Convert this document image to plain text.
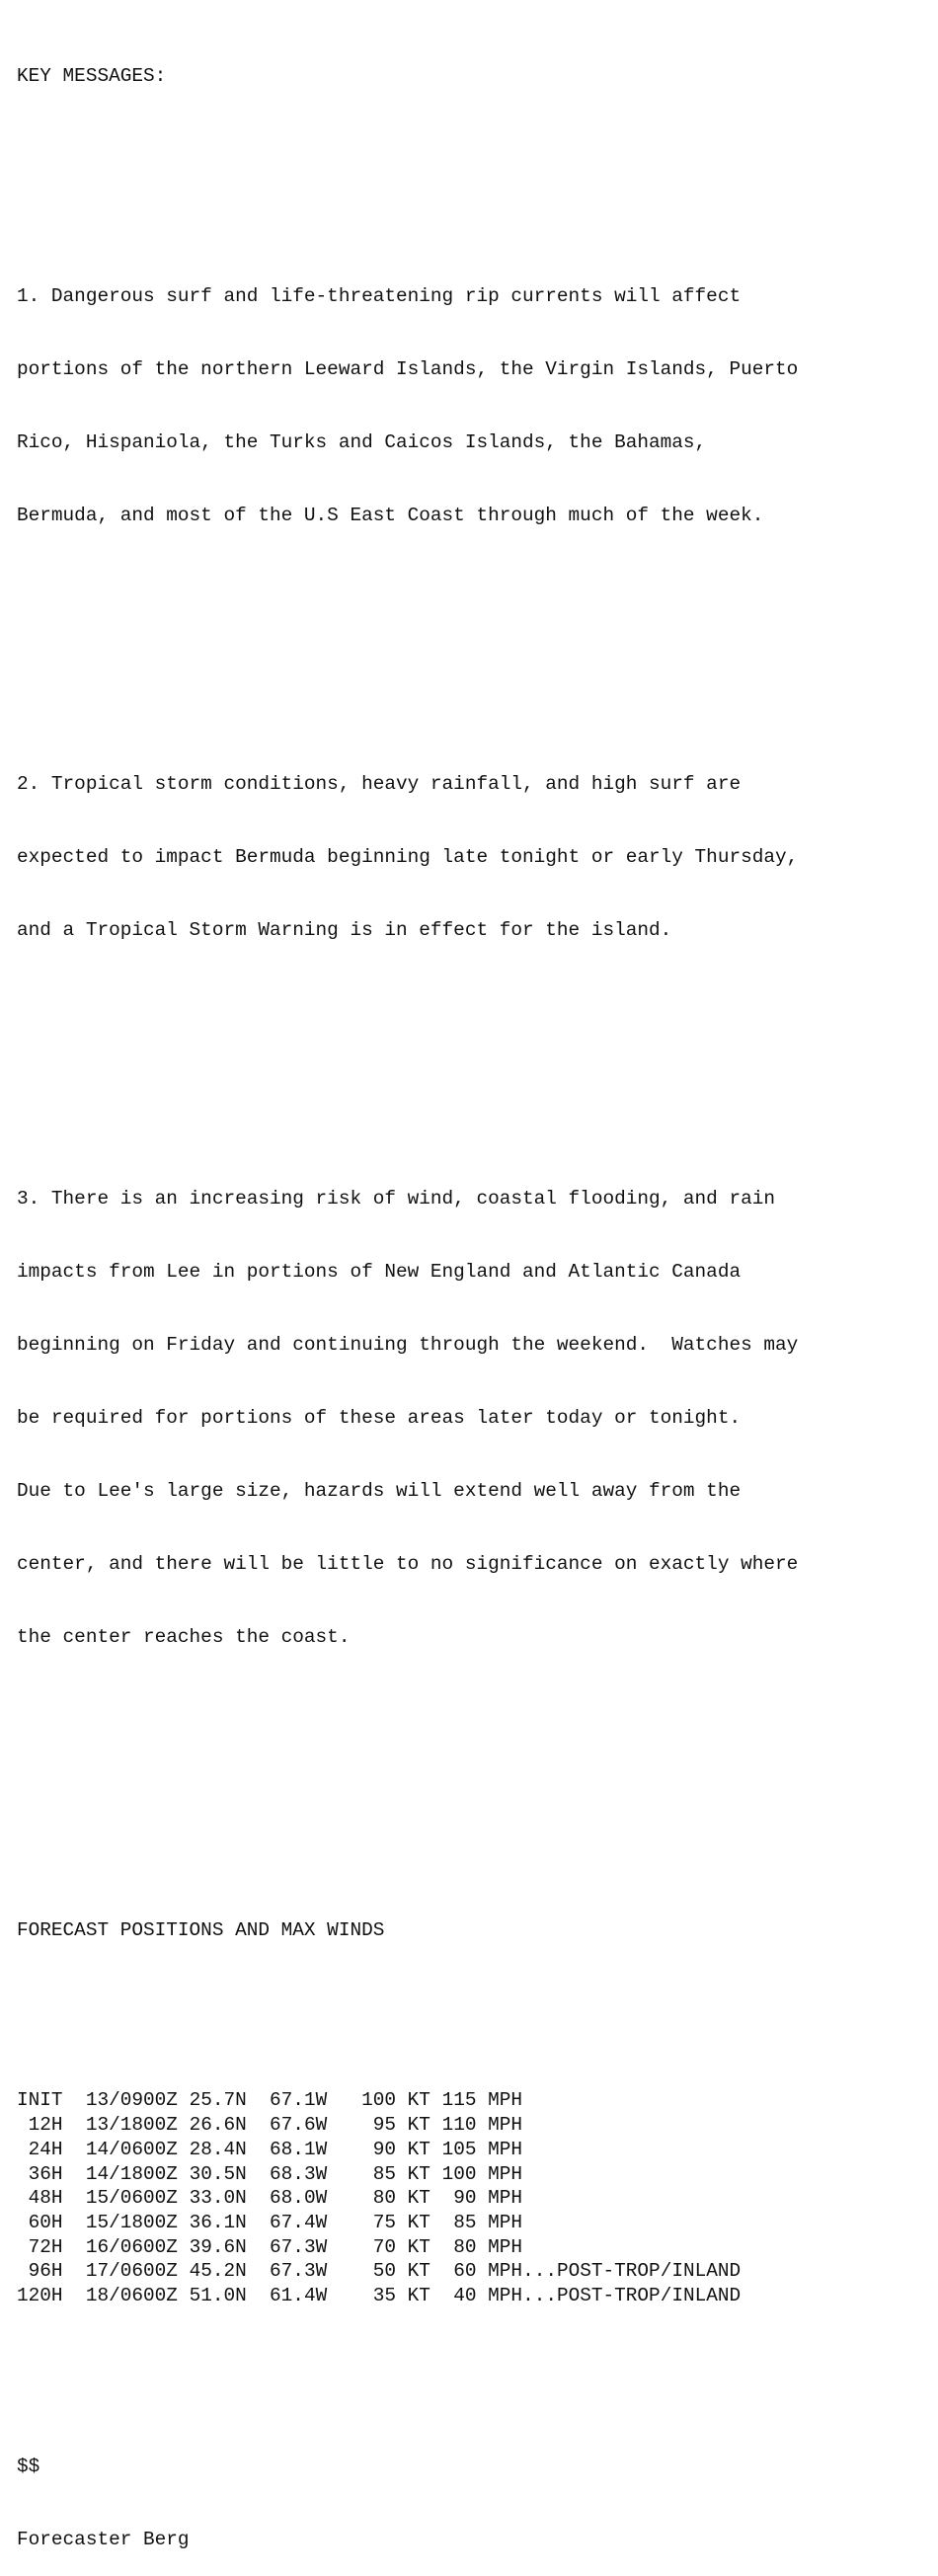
KEY MESSAGES:

1. Dangerous surf and life-threatening rip currents will affect

portions of the northern Leeward Islands, the Virgin Islands, Puerto

Rico, Hispaniola, the Turks and Caicos Islands, the Bahamas,

Bermuda, and most of the U.S East Coast through much of the week.

2. Tropical storm conditions, heavy rainfall, and high surf are

expected to impact Bermuda beginning late tonight or early Thursday,

and a Tropical Storm Warning is in effect for the island.

3. There is an increasing risk of wind, coastal flooding, and rain

impacts from Lee in portions of New England and Atlantic Canada

beginning on Friday and continuing through the weekend.  Watches may

be required for portions of these areas later today or tonight.

Due to Lee's large size, hazards will extend well away from the

center, and there will be little to no significance on exactly where

the center reaches the coast.

FORECAST POSITIONS AND MAX WINDS

INIT	13/0900Z	25.7N	67.1W	100 KT	115 MPH	
12H	13/1800Z	26.6N	67.6W	95 KT	110 MPH	
24H	14/0600Z	28.4N	68.1W	90 KT	105 MPH	
36H	14/1800Z	30.5N	68.3W	85 KT	100 MPH	
48H	15/0600Z	33.0N	68.0W	80 KT	90 MPH	
60H	15/1800Z	36.1N	67.4W	75 KT	85 MPH	
72H	16/0600Z	39.6N	67.3W	70 KT	80 MPH	
96H	17/0600Z	45.2N	67.3W	50 KT	60 MPH	...POST-TROP/INLAND
120H	18/0600Z	51.0N	61.4W	35 KT	40 MPH	...POST-TROP/INLAND

$$

Forecaster Berg
